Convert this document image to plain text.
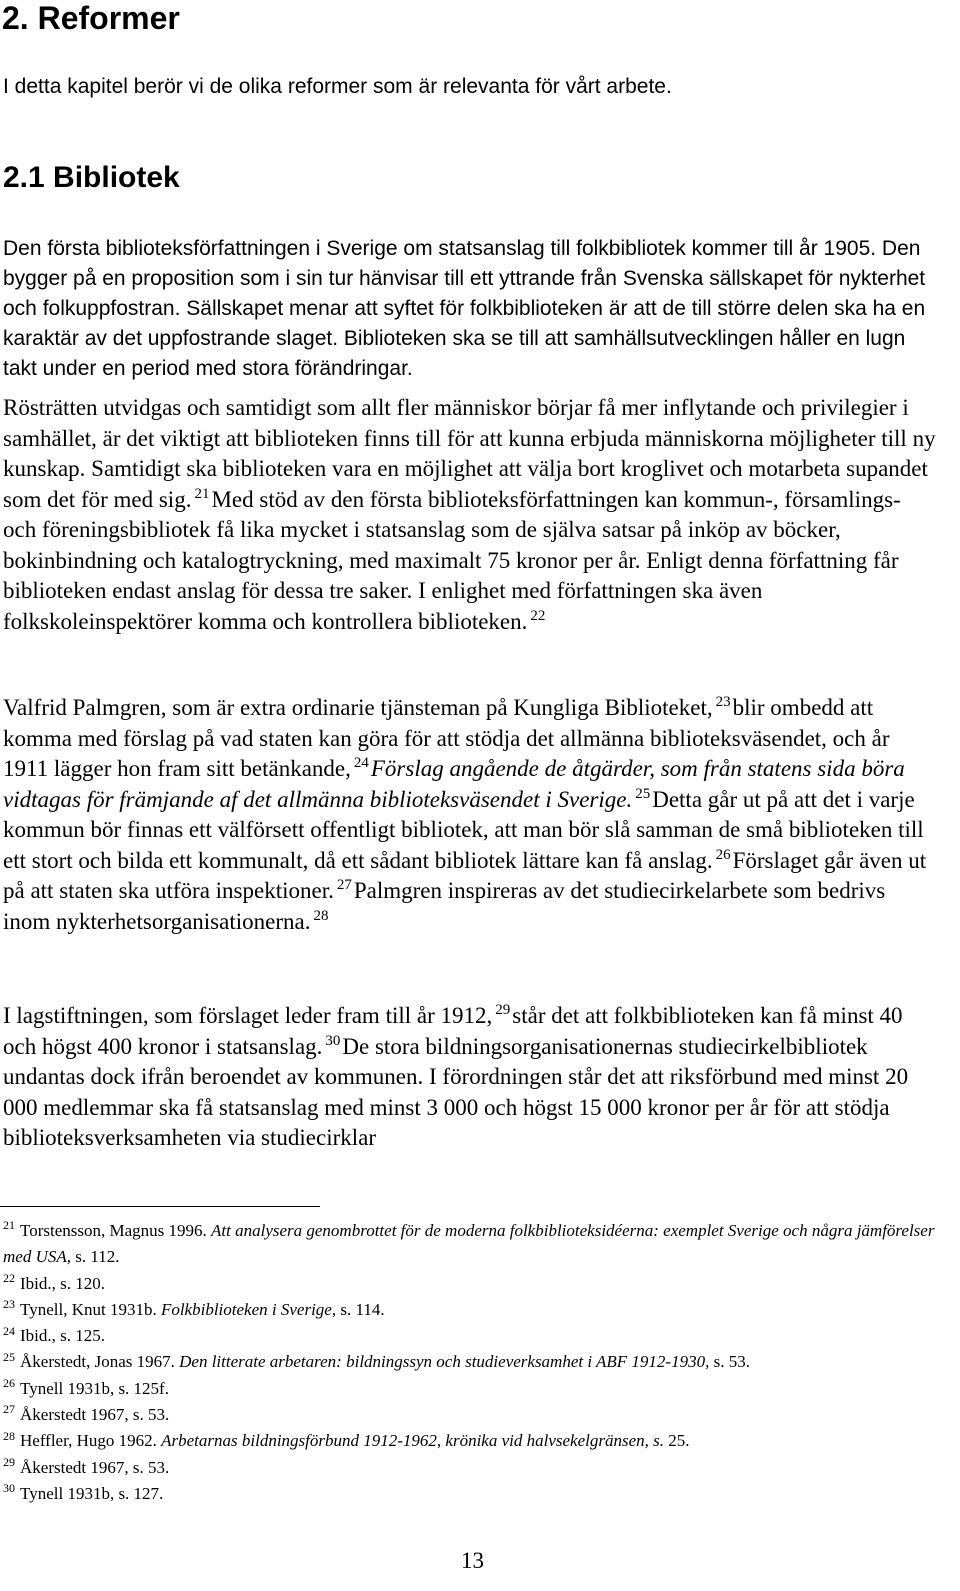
2. Reformer

I detta kapitel berör vi de olika reformer som är relevanta för vårt arbete.

2.1 Bibliotek

Den första biblioteksförfattningen i Sverige om statsanslag till folkbibliotek kommer till år 1905. Den bygger på en proposition som i sin tur hänvisar till ett yttrande från Svenska sällskapet för nykterhet och folkuppfostran. Sällskapet menar att syftet för folkbiblioteken är att de till större delen ska ha en karaktär av det uppfostrande slaget. Biblioteken ska se till att samhällsutvecklingen håller en lugn takt under en period med stora förändringar.

Rösträtten utvidgas och samtidigt som allt fler människor börjar få mer inflytande och privilegier i samhället, är det viktigt att biblioteken finns till för att kunna erbjuda människorna möjligheter till ny kunskap. Samtidigt ska biblioteken vara en möjlighet att välja bort kroglivet och motarbeta supandet som det för med sig. $^{21}$Med stöd av den första biblioteksförfattningen kan kommun-, församlings- och föreningsbibliotek få lika mycket i statsanslag som de själva satsar på inköp av böcker, bokinbindning och katalogtryckning, med maximalt 75 kronor per år. Enligt denna författning får biblioteken endast anslag för dessa tre saker. I enlighet med författningen ska även folkskoleinspektörer komma och kontrollera biblioteken. $^{22}$

Valfrid Palmgren, som är extra ordinarie tjänsteman på Kungliga Biblioteket, $^{23}$blir ombedd att komma med förslag på vad staten kan göra för att stödja det allmänna biblioteksväsendet, och år 1911 lägger hon fram sitt betänkande, $^{24}$Förslag angående de åtgärder, som från statens sida böra vidtagas för främjande af det allmänna biblioteksväsendet i Sverige. $^{25}$Detta går ut på att det i varje kommun bör finnas ett välförsett offentligt bibliotek, att man bör slå samman de små biblioteken till ett stort och bilda ett kommunalt, då ett sådant bibliotek lättare kan få anslag. $^{26}$Förslaget går även ut på att staten ska utföra inspektioner. $^{27}$Palmgren inspireras av det studiecirkelarbete som bedrivs inom nykterhetsorganisationerna. $^{28}$

I lagstiftningen, som förslaget leder fram till år 1912, $^{29}$står det att folkbiblioteken kan få minst 40 och högst 400 kronor i statsanslag. $^{30}$De stora bildningsorganisationernas studiecirkelbibliotek undantas dock ifrån beroendet av kommunen. I förordningen står det att riksförbund med minst 20 000 medlemmar ska få statsanslag med minst 3 000 och högst 15 000 kronor per år för att stödja biblioteksverksamheten via studiecirklar

$^{21}$ Torstensson, Magnus 1996. Att analysera genombrottet för de moderna folkbiblioteksidéerna: exemplet Sverige och några jämförelser med USA, s. 112.

$^{22}$ Ibid., s. 120.

$^{23}$ Tynell, Knut 1931b. Folkbiblioteken i Sverige, s. 114.

$^{24}$ Ibid., s. 125.

$^{25}$ Åkerstedt, Jonas 1967. Den litterate arbetaren: bildningssyn och studieverksamhet i ABF 1912-1930, s. 53.

$^{26}$ Tynell 1931b, s. 125f.

$^{27}$ Åkerstedt 1967, s. 53.

$^{28}$ Heffler, Hugo 1962. Arbetarnas bildningsförbund 1912-1962, krönika vid halvsekelgränsen, s. 25.

$^{29}$ Åkerstedt 1967, s. 53.

$^{30}$ Tynell 1931b, s. 127.

13
